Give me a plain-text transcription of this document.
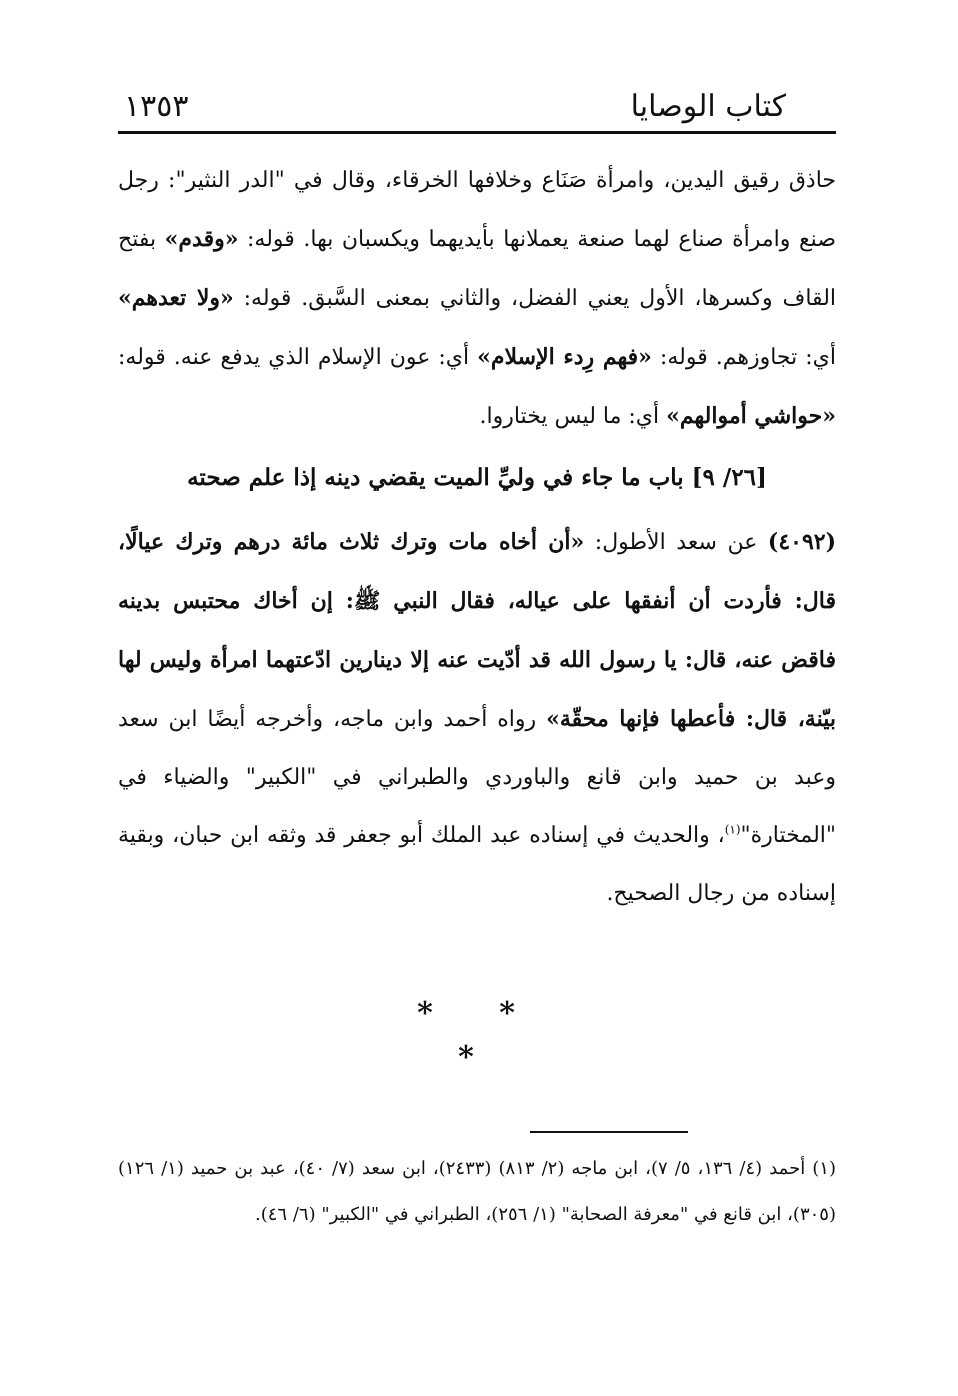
كتاب الوصايا
١٣٥٣

حاذق رقيق اليدين، وامرأة صَنَاع وخلافها الخرقاء، وقال في "الدر النثير": رجل صنع وامرأة صناع لهما صنعة يعملانها بأيديهما ويكسبان بها. قوله: «وقدم» بفتح القاف وكسرها، الأول يعني الفضل، والثاني بمعنى السَّبق. قوله: «ولا تعدهم» أي: تجاوزهم. قوله: «فهم رِدء الإسلام» أي: عون الإسلام الذي يدفع عنه. قوله: «حواشي أموالهم» أي: ما ليس يختاروا.

[٢٦/ ٩] باب ما جاء في وليِّ الميت يقضي دينه إذا علم صحته

(٤٠٩٢) عن سعد الأطول: «أن أخاه مات وترك ثلاث مائة درهم وترك عيالًا، قال: فأردت أن أنفقها على عياله، فقال النبي ﷺ: إن أخاك محتبس بدينه فاقض عنه، قال: يا رسول الله قد أدّيت عنه إلا دينارين ادّعتهما امرأة وليس لها بيّنة، قال: فأعطها فإنها محقّة» رواه أحمد وابن ماجه، وأخرجه أيضًا ابن سعد وعبد بن حميد وابن قانع والباوردي والطبراني في "الكبير" والضياء في "المختارة"$^{(١)}$، والحديث في إسناده عبد الملك أبو جعفر قد وثقه ابن حبان، وبقية إسناده من رجال الصحيح.

* * *

(١) أحمد (٤/ ١٣٦، ٥/ ٧)، ابن ماجه (٢/ ٨١٣) (٢٤٣٣)، ابن سعد (٧/ ٤٠)، عبد بن حميد (١/ ١٢٦) (٣٠٥)، ابن قانع في "معرفة الصحابة" (١/ ٢٥٦)، الطبراني في "الكبير" (٦/ ٤٦).
